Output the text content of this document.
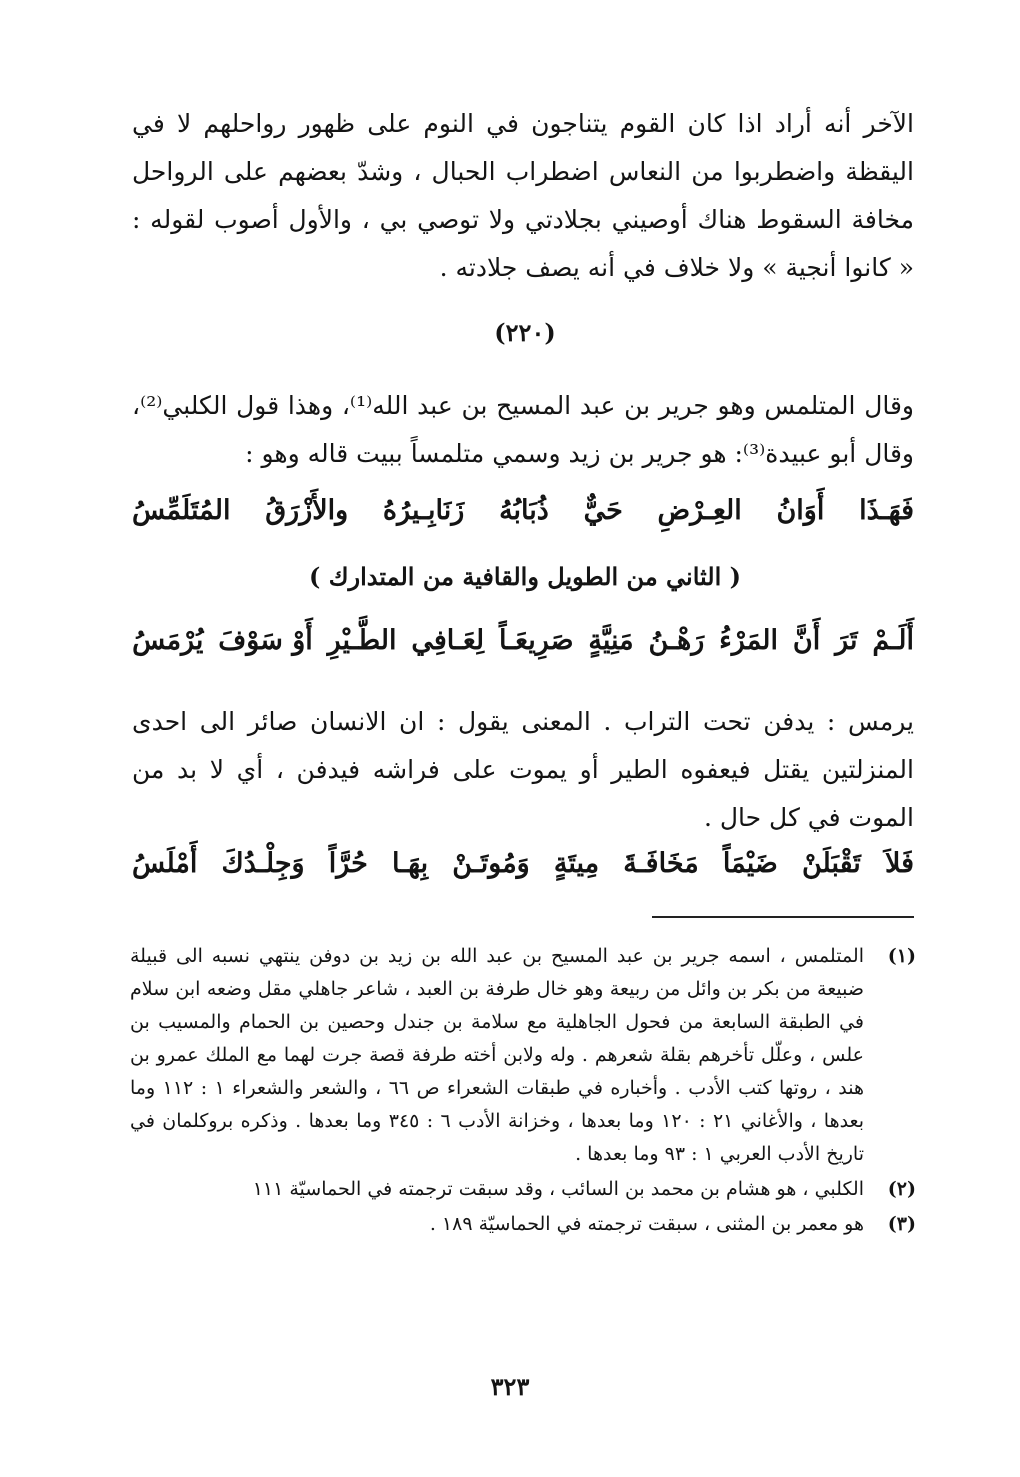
الآخر أنه أراد اذا كان القوم يتناجون في النوم على ظهور رواحلهم لا في اليقظة واضطربوا من النعاس اضطراب الحبال ، وشدّ بعضهم على الرواحل مخافة السقوط هناك أوصيني بجلادتي ولا توصي بي ، والأول أصوب لقوله : « كانوا أنجية » ولا خلاف في أنه يصف جلادته .

(٢٢٠)

وقال المتلمس وهو جرير بن عبد المسيح بن عبد الله⁽¹⁾، وهذا قول الكلبي⁽²⁾، وقال أبو عبيدة⁽³⁾: هو جرير بن زيد وسمي متلمساً ببيت قاله وهو :

فَهَـذَا
أَوَانُ
العِـرْضِ
حَيٌّ
ذُبَابُهُ
زَنَابِـيرُهُ
والأَزْرَقُ
المُتَلَمِّسُ
( الثاني من الطويل والقافية من المتدارك )
أَلَـمْ
تَرَ
أَنَّ
المَرْءُ
رَهْـنُ
مَنِيَّةٍ
صَرِيعَـاً
لِعَـافِي
الطَّـيْرِ
أَوْ سَوْفَ
يُرْمَسُ

يرمس : يدفن تحت التراب . المعنى يقول : ان الانسان صائر الى احدى المنزلتين يقتل فيعفوه الطير أو يموت على فراشه فيدفن ، أي لا بد من الموت في كل حال .

فَلاَ
تَقْبَلَنْ
ضَيْمَاً
مَخَافَـةَ
مِيتَةٍ
وَمُوتَـنْ
بِهَـا
حُرَّاً
وَجِلْـدُكَ
أَمْلَسُ
(١)
المتلمس ، اسمه جرير بن عبد المسيح بن عبد الله بن زيد بن دوفن ينتهي نسبه الى قبيلة ضبيعة من بكر بن وائل من ربيعة وهو خال طرفة بن العبد ، شاعر جاهلي مقل وضعه ابن سلام في الطبقة السابعة من فحول الجاهلية مع سلامة بن جندل وحصين بن الحمام والمسيب بن علس ، وعلّل تأخرهم بقلة شعرهم . وله ولابن أخته طرفة قصة جرت لهما مع الملك عمرو بن هند ، روتها كتب الأدب . وأخباره في طبقات الشعراء ص ٦٦ ، والشعر والشعراء ١ : ١١٢ وما بعدها ، والأغاني ٢١ : ١٢٠ وما بعدها ، وخزانة الأدب ٦ : ٣٤٥ وما بعدها . وذكره بروكلمان في تاريخ الأدب العربي ١ : ٩٣ وما بعدها .
(٢)
الكلبي ، هو هشام بن محمد بن السائب ، وقد سبقت ترجمته في الحماسيّة ١١١
(٣)
هو معمر بن المثنى ، سبقت ترجمته في الحماسيّة ١٨٩ .
٣٢٣
